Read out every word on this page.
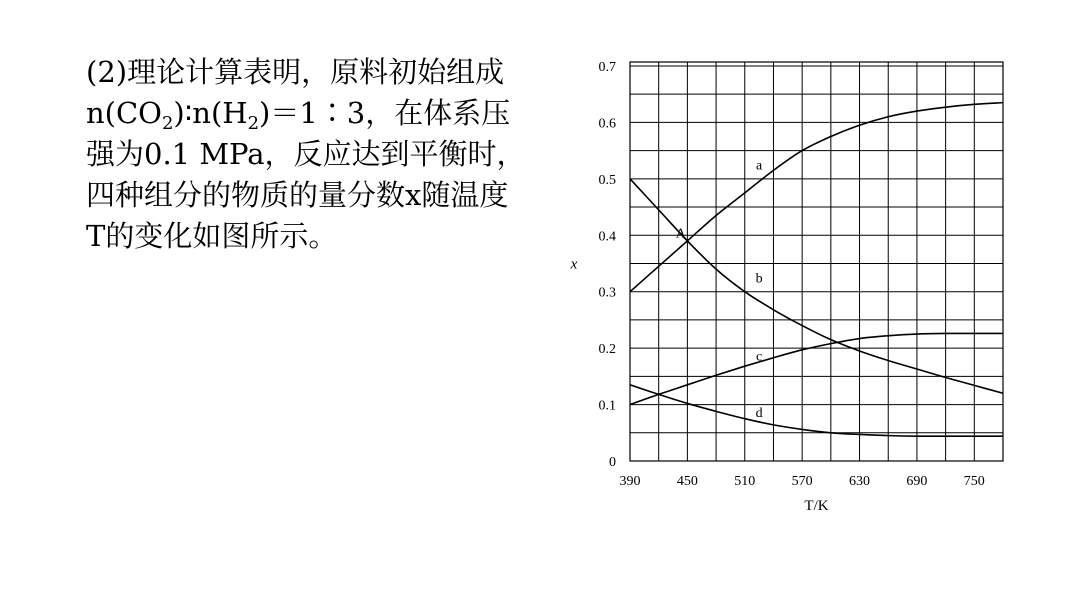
(2)理论计算表明，原料初始组成
$n(CO_2)∶n(H_2)=1∶3$，在体系压
强为0.1 MPa，反应达到平衡时，
四种组分的物质的量分数x随温度
T的变化如图所示。

0
0.1
0.2
0.3
0.4
0.5
0.6
0.7
390	450	510	570	630	690	750
A
a
b
c
d
T/K
x
